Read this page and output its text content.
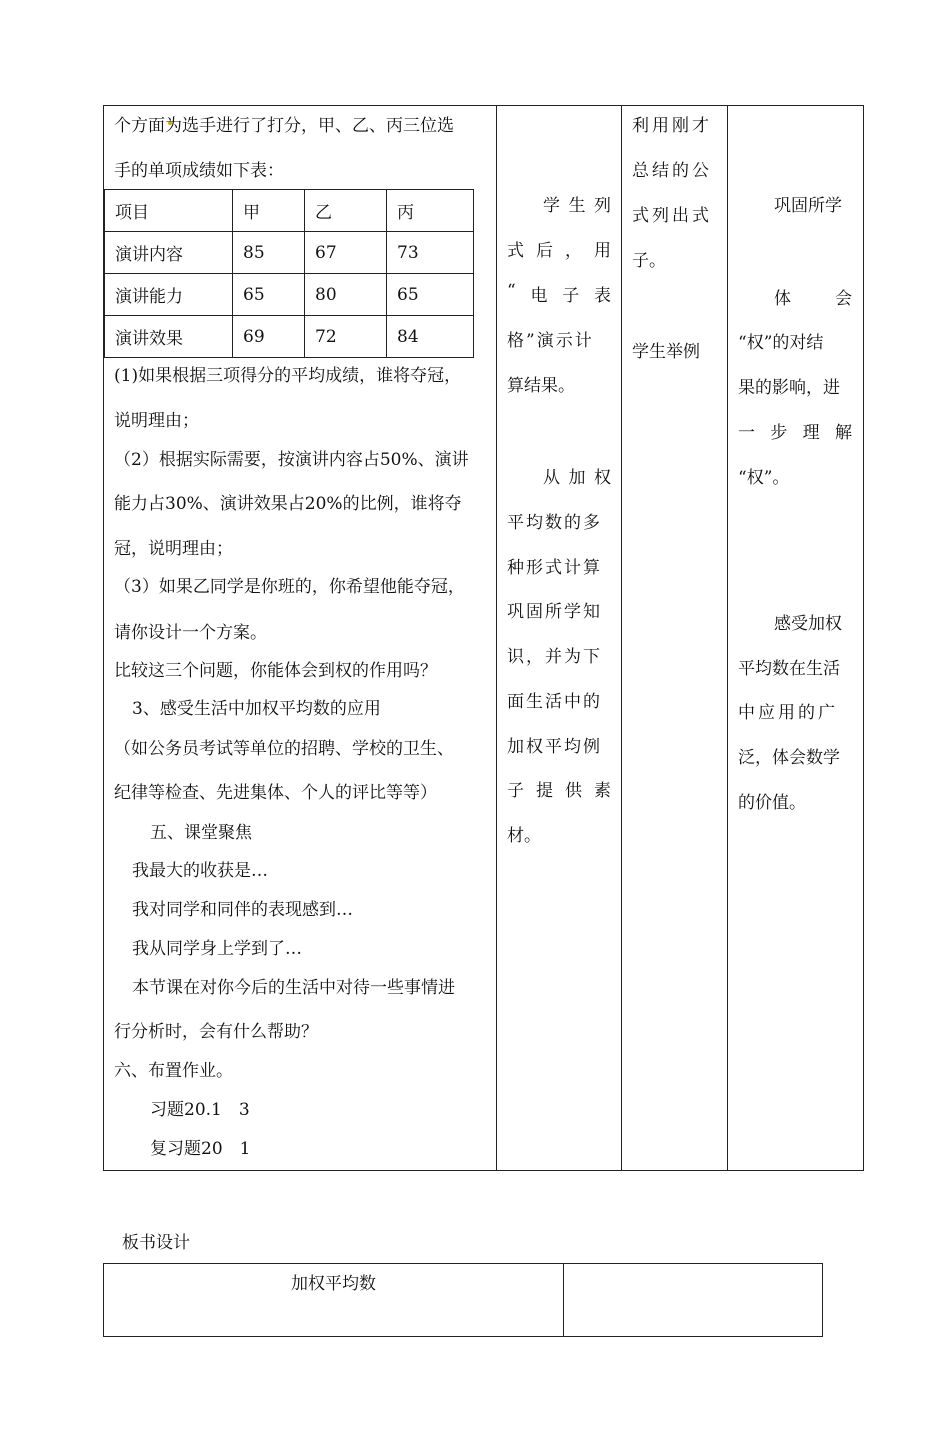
个方面为选手进行了打分，甲、乙、丙三位选
手的单项成绩如下表：
项目	甲	乙	丙
演讲内容	85	67	73
演讲能力	65	80	65
演讲效果	69	72	84
(1)如果根据三项得分的平均成绩，谁将夺冠，
说明理由；
（2）根据实际需要，按演讲内容占50%、演讲
能力占30%、演讲效果占20%的比例，谁将夺
冠，说明理由；
（3）如果乙同学是你班的，你希望他能夺冠，
请你设计一个方案。
比较这三个问题，你能体会到权的作用吗？
3、感受生活中加权平均数的应用
（如公务员考试等单位的招聘、学校的卫生、
纪律等检查、先进集体、个人的评比等等）
五、课堂聚焦
我最大的收获是…
我对同学和同伴的表现感到…
我从同学身上学到了…
本节课在对你今后的生活中对待一些事情进
行分析时，会有什么帮助？
六、布置作业。
习题20.1　3
复习题20　1

学 生 列
式 后 ， 用
“ 电 子 表
格”演示计
算结果。
从 加 权
平均数的多
种形式计算
巩固所学知
识，并为下
面生活中的
加权平均例
子 提 供 素
材。

利用刚才
总结的公
式列出式
子。
学生举例

巩固所学
体	会
“权”的对结
果的影响，进
一 步 理 解
“权”。
感受加权
平均数在生活
中应用的广
泛，体会数学
的价值。
板书设计
加权平均数
